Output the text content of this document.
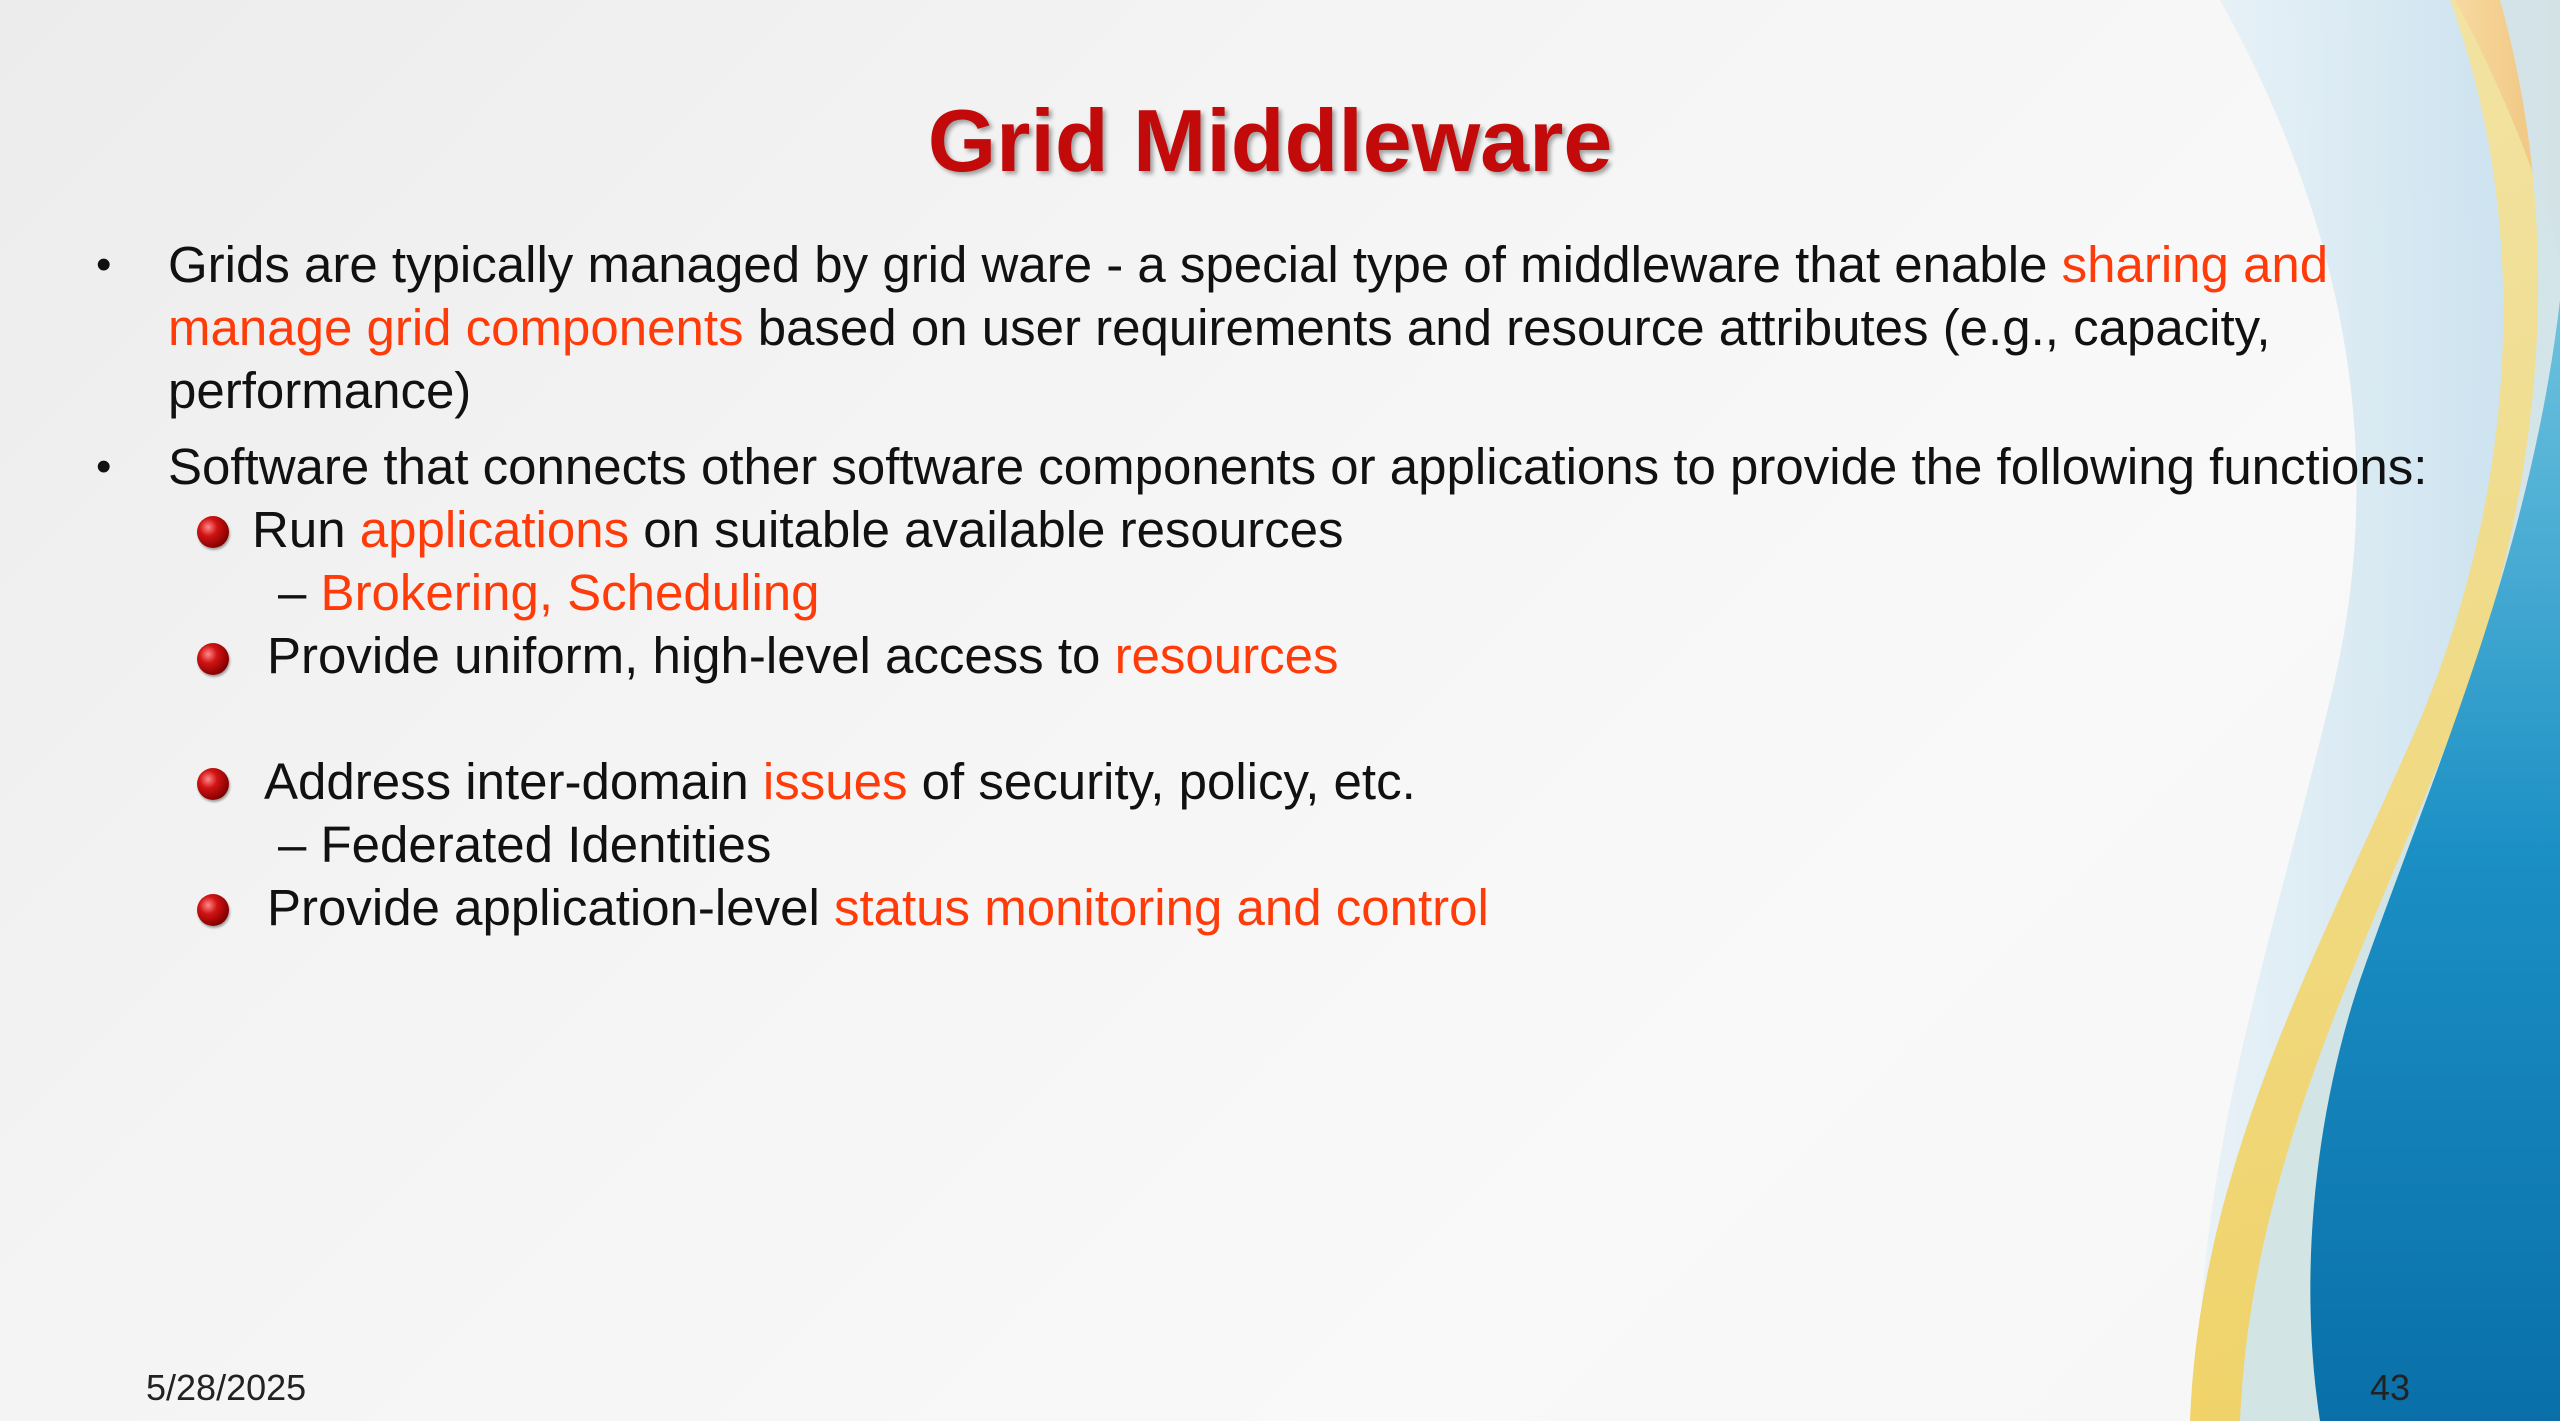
Grid Middleware
• Grids are typically managed by grid ware - a special type of middleware that enable sharing and manage grid components based on user requirements and resource attributes (e.g., capacity, performance)
• Software that connects other software components or applications to provide the following functions:
Run applications on suitable available resources
– Brokering, Scheduling
Provide uniform, high-level access to resources
Address inter-domain issues of security, policy, etc.
– Federated Identities
Provide application-level status monitoring and control
5/28/2025	43
